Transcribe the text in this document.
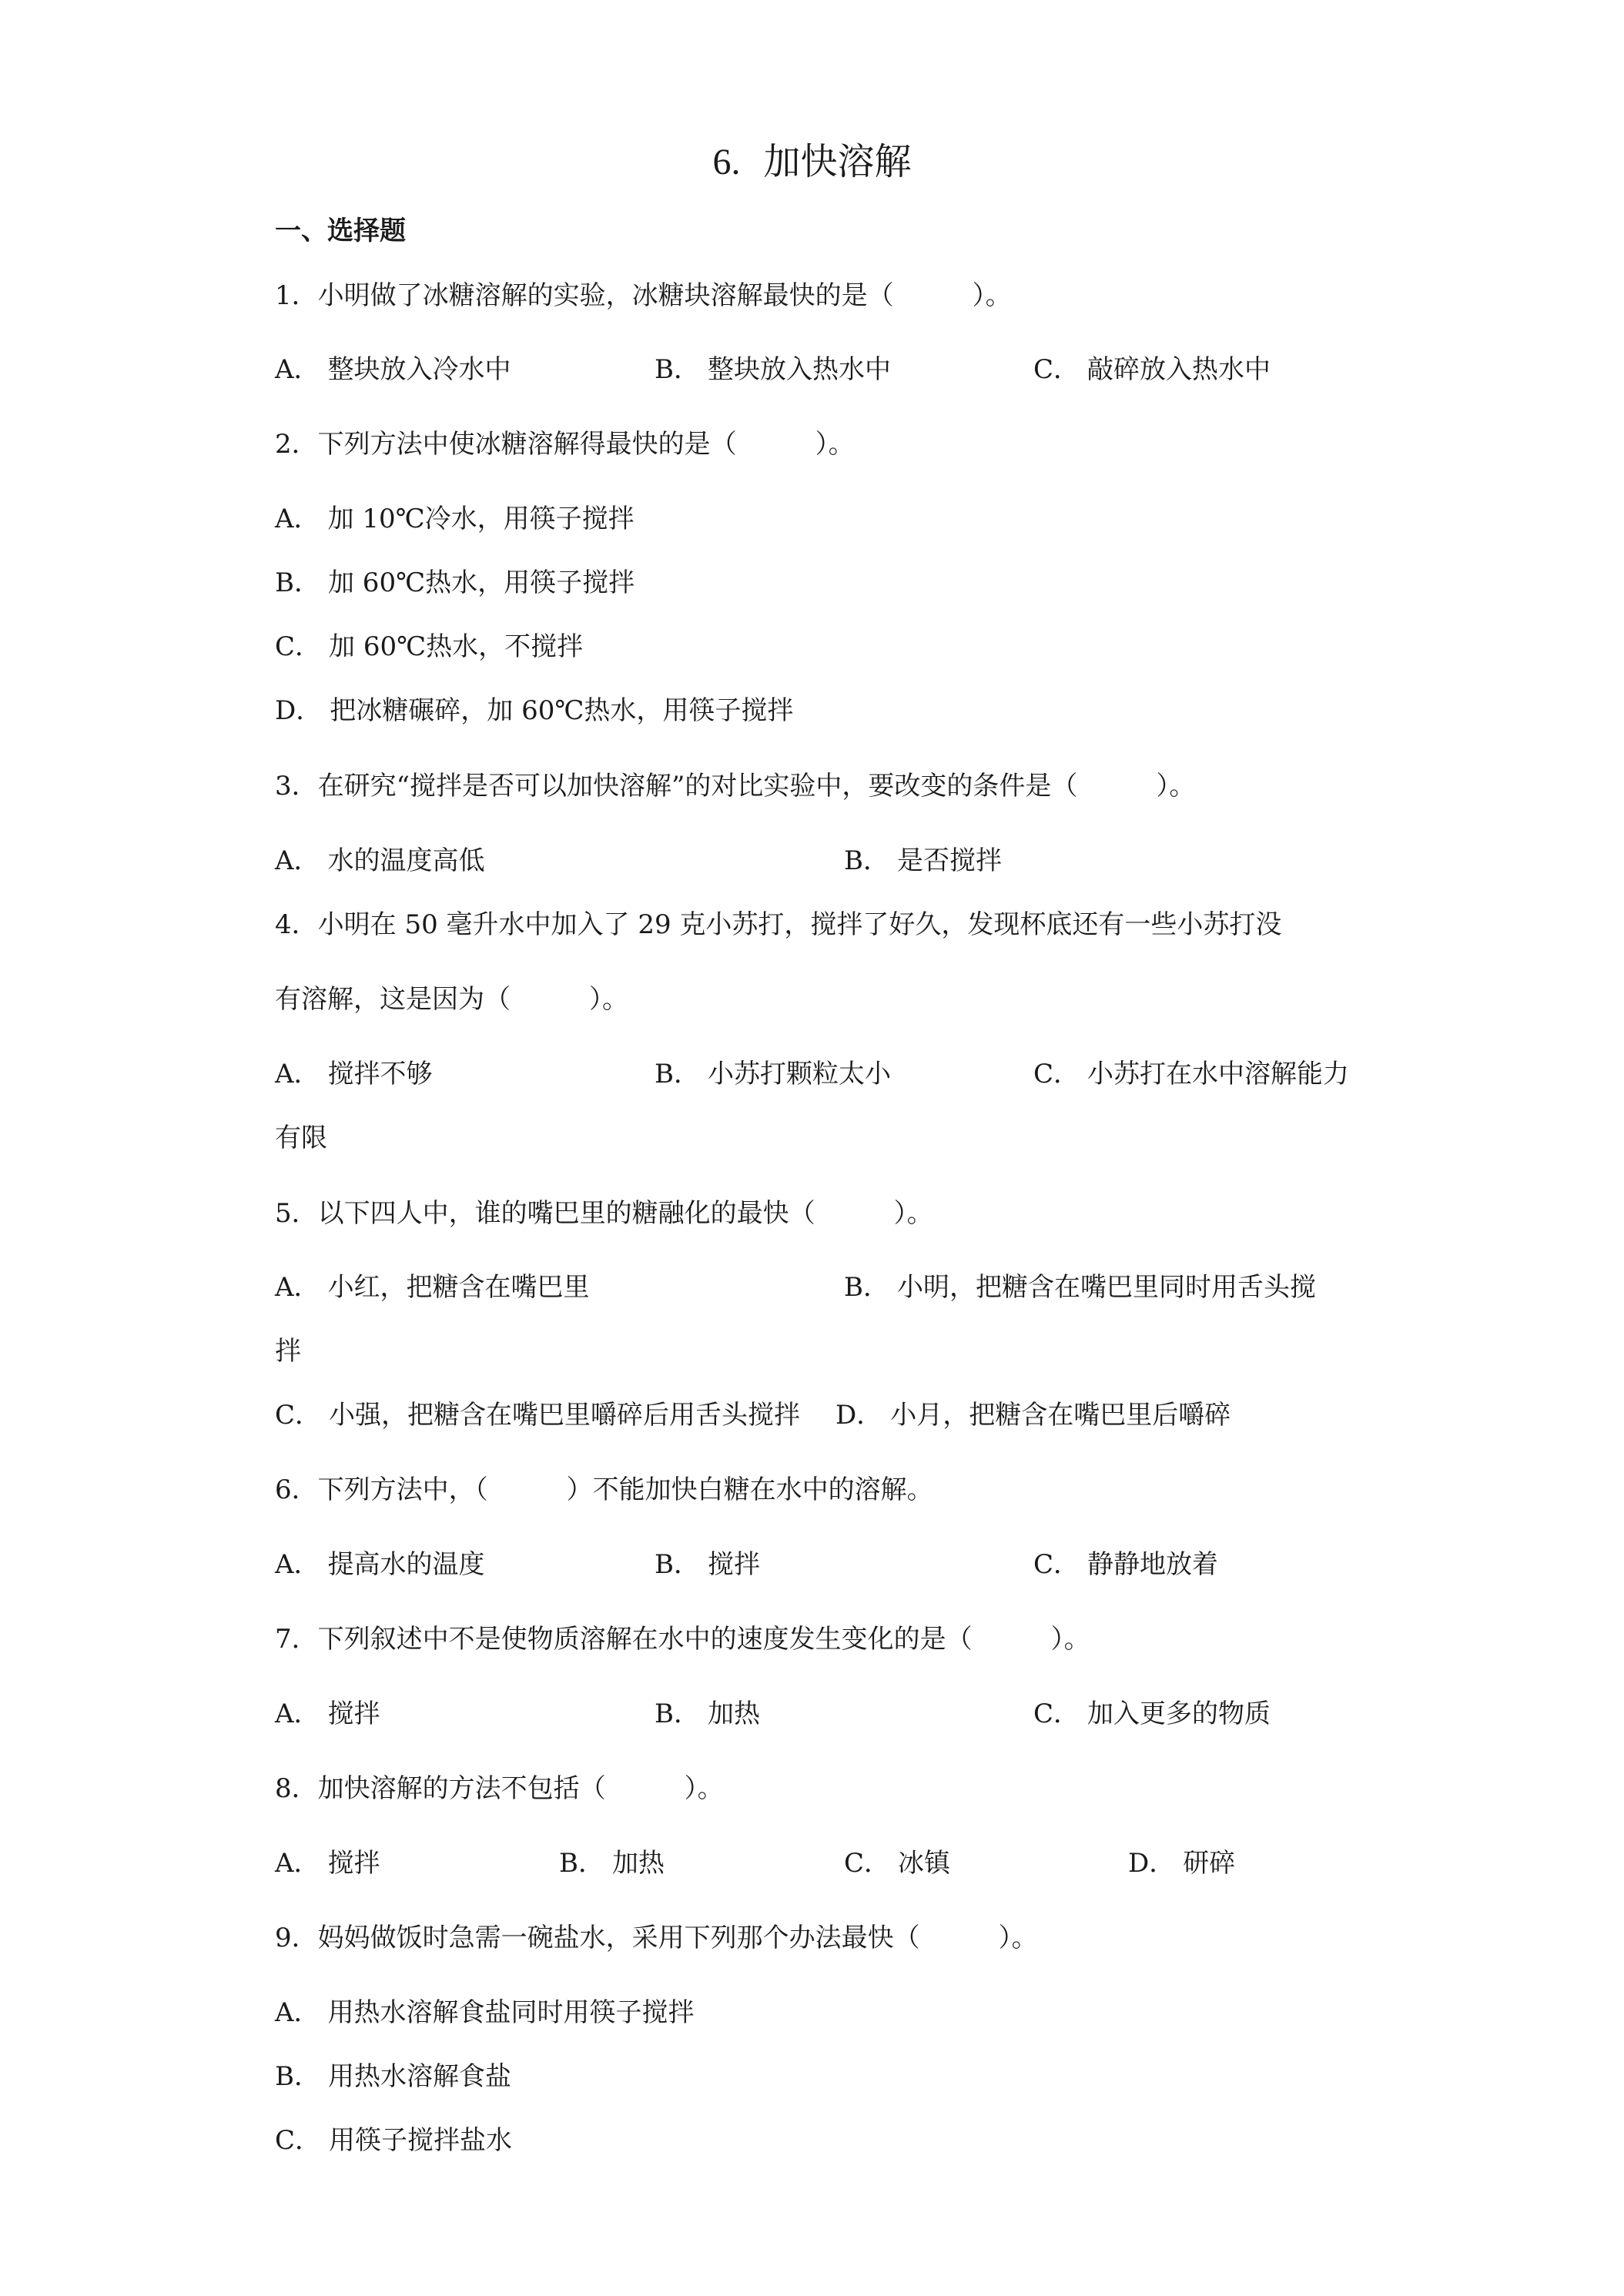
6. 加快溶解
一、选择题
1．小明做了冰糖溶解的实验，冰糖块溶解最快的是（　　　）。
A． 整块放入冷水中	B． 整块放入热水中	C． 敲碎放入热水中
2．下列方法中使冰糖溶解得最快的是（　　　）。
A． 加 10℃冷水，用筷子搅拌
B． 加 60℃热水，用筷子搅拌
C． 加 60℃热水，不搅拌
D． 把冰糖碾碎，加 60℃热水，用筷子搅拌
3．在研究“搅拌是否可以加快溶解”的对比实验中，要改变的条件是（　　　）。
A． 水的温度高低	B． 是否搅拌
4．小明在 50 毫升水中加入了 29 克小苏打，搅拌了好久，发现杯底还有一些小苏打没
有溶解，这是因为（　　　）。
A． 搅拌不够	B． 小苏打颗粒太小	C． 小苏打在水中溶解能力
有限
5．以下四人中，谁的嘴巴里的糖融化的最快（　　　）。
A． 小红，把糖含在嘴巴里	B． 小明，把糖含在嘴巴里同时用舌头搅
拌
C． 小强，把糖含在嘴巴里嚼碎后用舌头搅拌 D． 小月，把糖含在嘴巴里后嚼碎
6．下列方法中，（　　　）不能加快白糖在水中的溶解。
A． 提高水的温度	B． 搅拌	C． 静静地放着
7．下列叙述中不是使物质溶解在水中的速度发生变化的是（　　　）。
A． 搅拌	B． 加热	C． 加入更多的物质
8．加快溶解的方法不包括（　　　）。
A． 搅拌	B． 加热	C． 冰镇	D． 研碎
9．妈妈做饭时急需一碗盐水，采用下列那个办法最快（　　　）。
A． 用热水溶解食盐同时用筷子搅拌
B． 用热水溶解食盐
C． 用筷子搅拌盐水
